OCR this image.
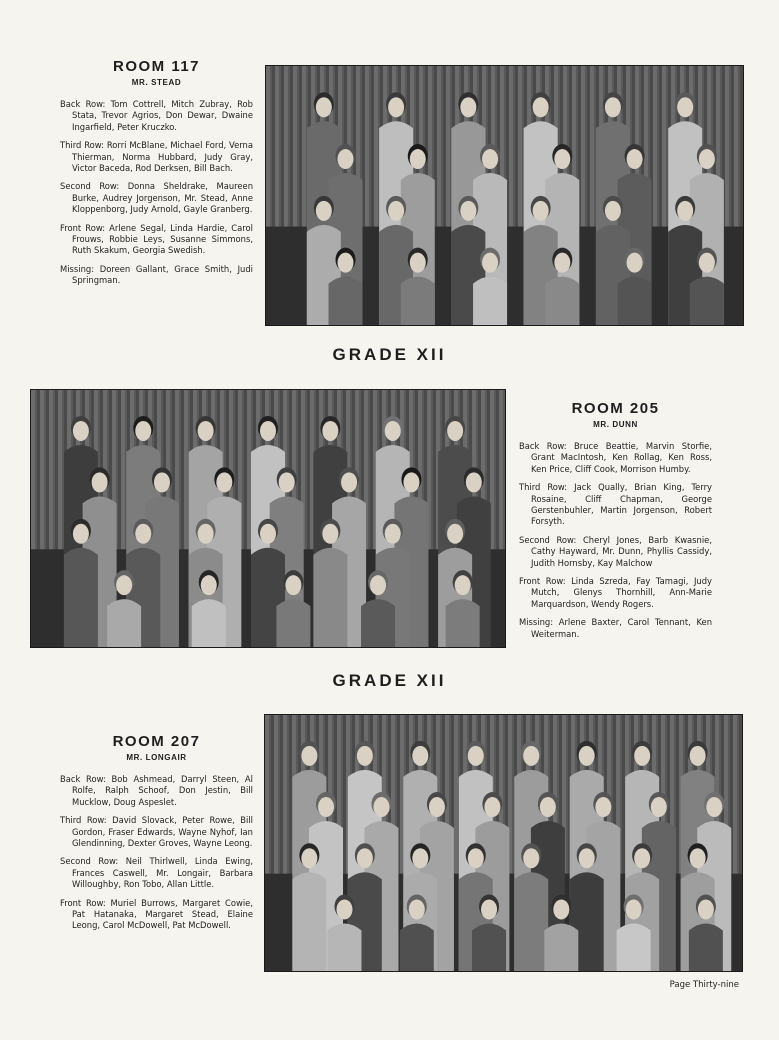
ROOM 117

MR. STEAD

Back Row: Tom Cottrell, Mitch Zubray, Rob Stata, Trevor Agrios, Don Dewar, Dwaine Ingarfield, Peter Kruczko.

Third Row: Rorri McBlane, Michael Ford, Verna Thierman, Norma Hubbard, Judy Gray, Victor Baceda, Rod Derksen, Bill Bach.

Second Row: Donna Sheldrake, Maureen Burke, Audrey Jorgenson, Mr. Stead, Anne Kloppenborg, Judy Arnold, Gayle Granberg.

Front Row: Arlene Segal, Linda Hardie, Carol Frouws, Robbie Leys, Susanne Simmons, Ruth Skakum, Georgia Swedish.

Missing: Doreen Gallant, Grace Smith, Judi Springman.

GRADE XII

ROOM 205

MR. DUNN

Back Row: Bruce Beattie, Marvin Storfie, Grant MacIntosh, Ken Rollag, Ken Ross, Ken Price, Cliff Cook, Morrison Humby.

Third Row: Jack Qually, Brian King, Terry Rosaine, Cliff Chapman, George Gerstenbuhler, Martin Jorgenson, Robert Forsyth.

Second Row: Cheryl Jones, Barb Kwasnie, Cathy Hayward, Mr. Dunn, Phyllis Cassidy, Judith Hornsby, Kay Malchow

Front Row: Linda Szreda, Fay Tamagi, Judy Mutch, Glenys Thornhill, Ann-Marie Marquardson, Wendy Rogers.

Missing: Arlene Baxter, Carol Tennant, Ken Weiterman.

GRADE XII

ROOM 207

MR. LONGAIR

Back Row: Bob Ashmead, Darryl Steen, Al Rolfe, Ralph Schoof, Don Jestin, Bill Mucklow, Doug Aspeslet.

Third Row: David Slovack, Peter Rowe, Bill Gordon, Fraser Edwards, Wayne Nyhof, Ian Glendinning, Dexter Groves, Wayne Leong.

Second Row: Neil Thirlwell, Linda Ewing, Frances Caswell, Mr. Longair, Barbara Willoughby, Ron Tobo, Allan Little.

Front Row: Muriel Burrows, Margaret Cowie, Pat Hatanaka, Margaret Stead, Elaine Leong, Carol McDowell, Pat McDowell.

Page Thirty-nine
